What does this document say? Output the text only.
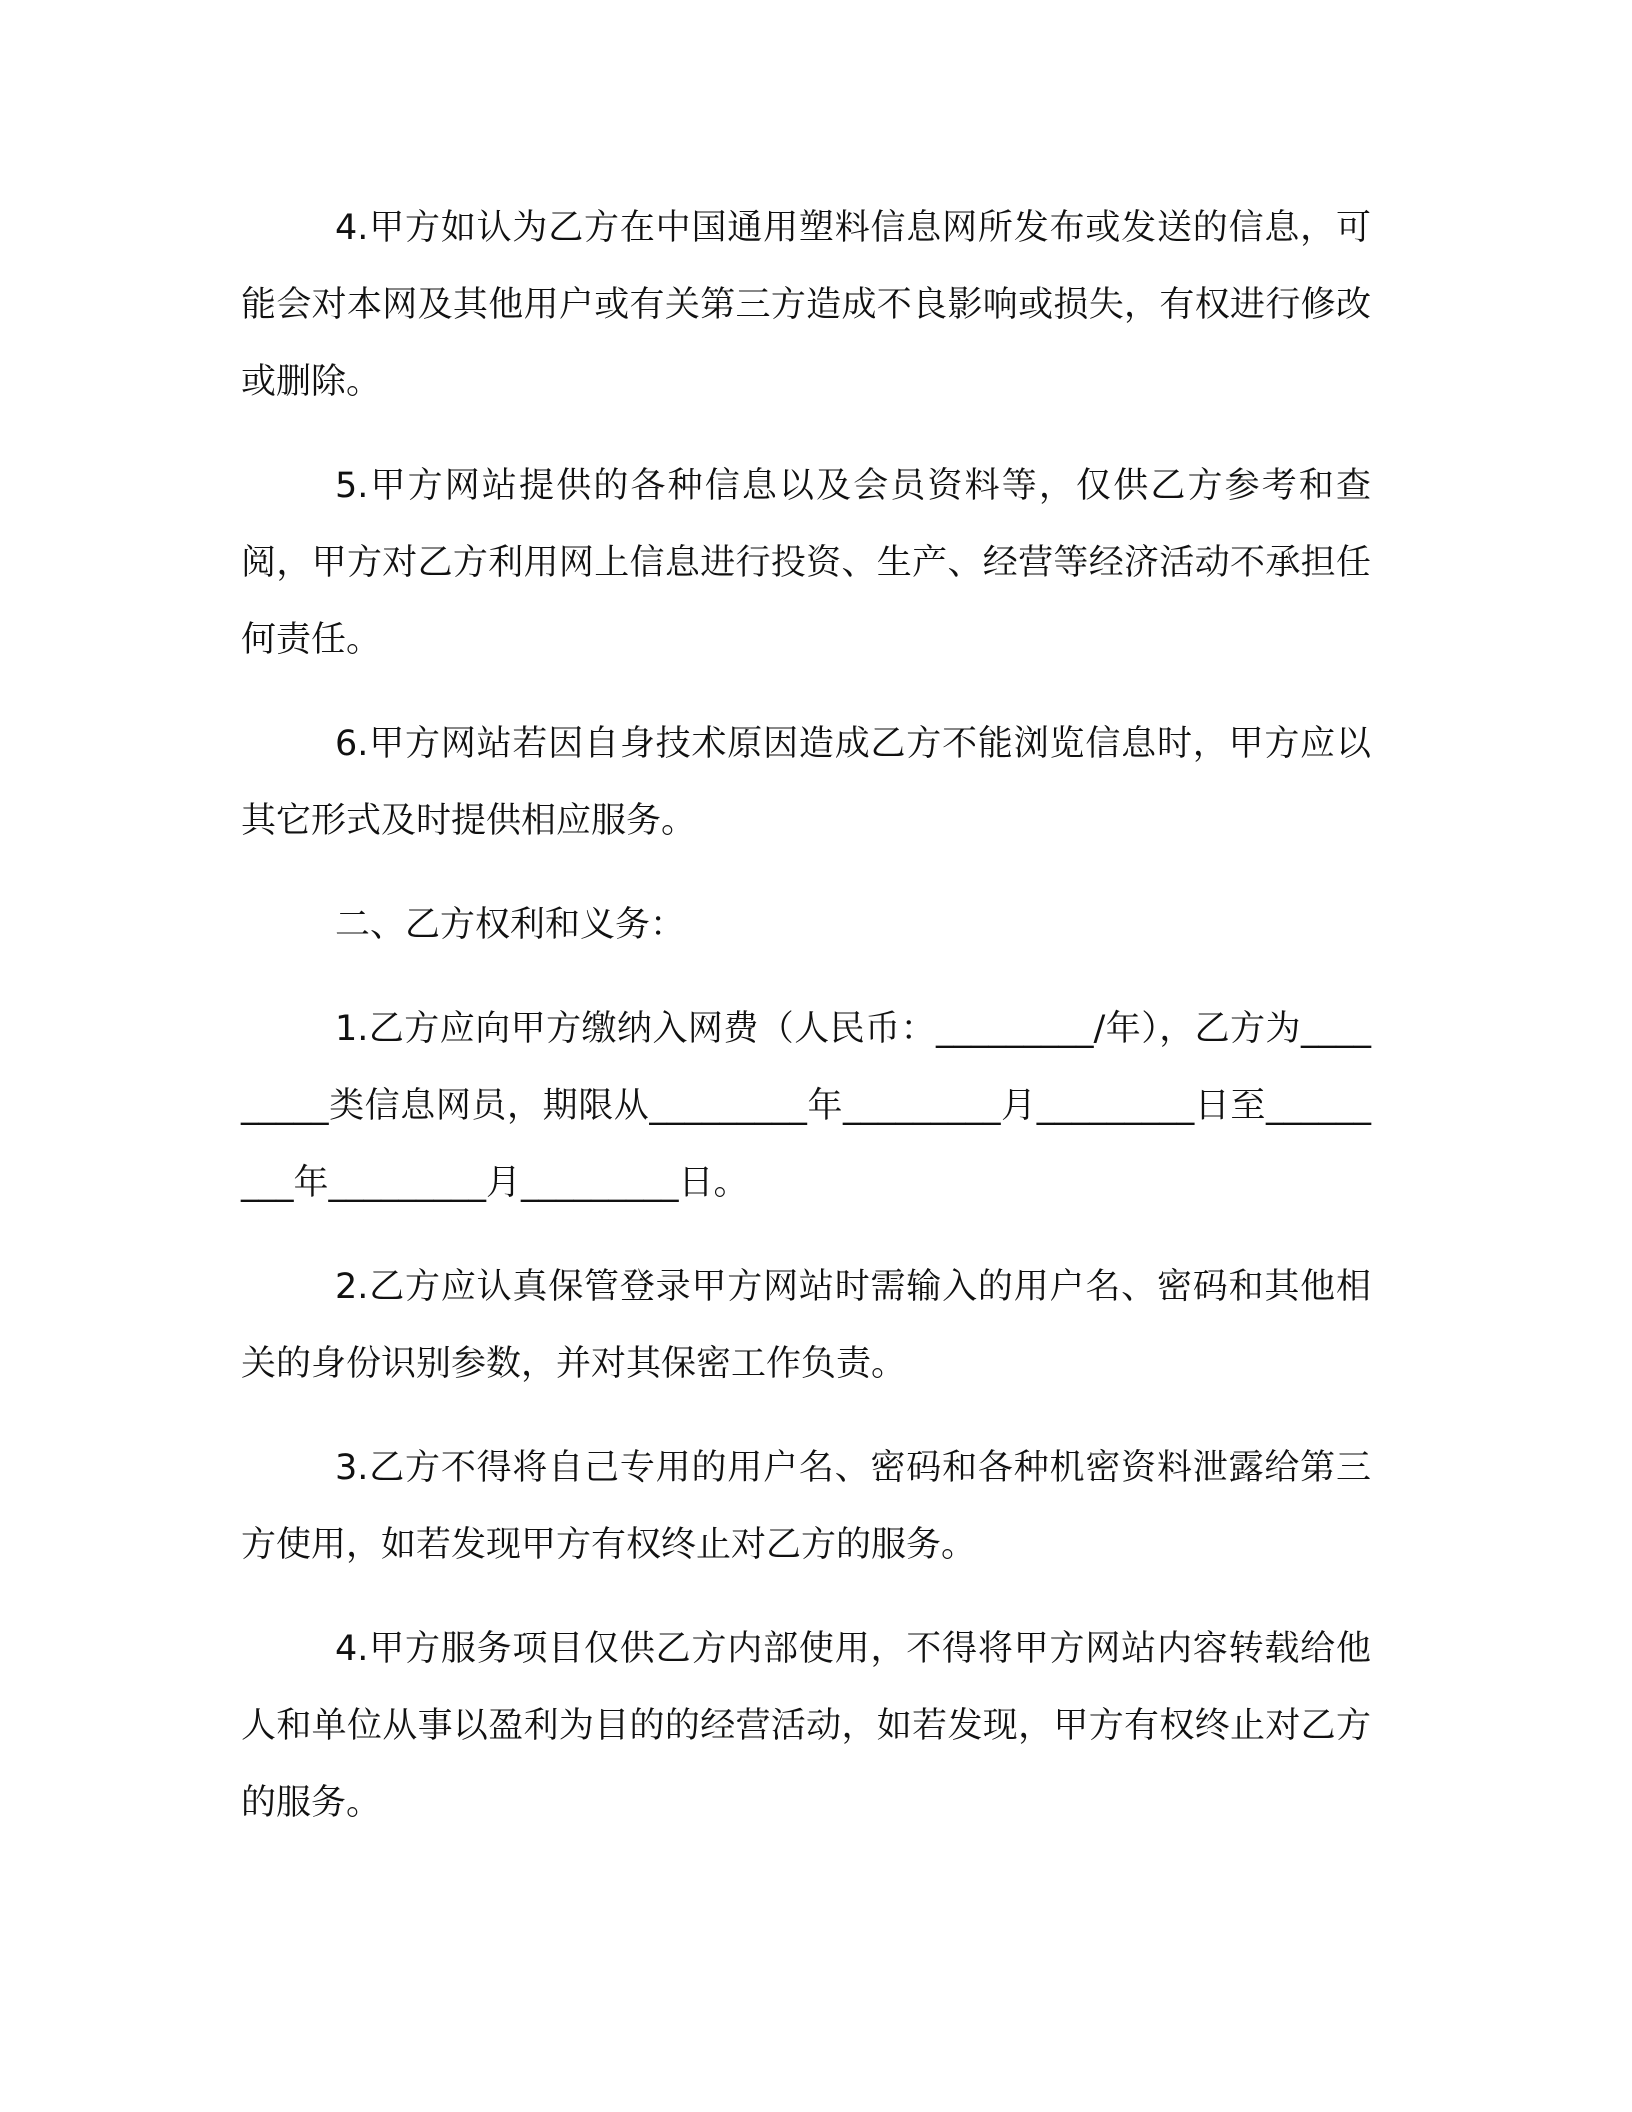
4.甲方如认为乙方在中国通用塑料信息网所发布或发送的信息，可能会对本网及其他用户或有关第三方造成不良影响或损失，有权进行修改或删除。

5.甲方网站提供的各种信息以及会员资料等，仅供乙方参考和查阅，甲方对乙方利用网上信息进行投资、生产、经营等经济活动不承担任何责任。

6.甲方网站若因自身技术原因造成乙方不能浏览信息时，甲方应以其它形式及时提供相应服务。

二、乙方权利和义务：

1.乙方应向甲方缴纳入网费（人民币：_________/年），乙方为_________类信息网员，期限从_________年_________月_________日至_________年_________月_________日。

2.乙方应认真保管登录甲方网站时需输入的用户名、密码和其他相关的身份识别参数，并对其保密工作负责。

3.乙方不得将自己专用的用户名、密码和各种机密资料泄露给第三方使用，如若发现甲方有权终止对乙方的服务。

4.甲方服务项目仅供乙方内部使用，不得将甲方网站内容转载给他人和单位从事以盈利为目的的经营活动，如若发现，甲方有权终止对乙方的服务。
